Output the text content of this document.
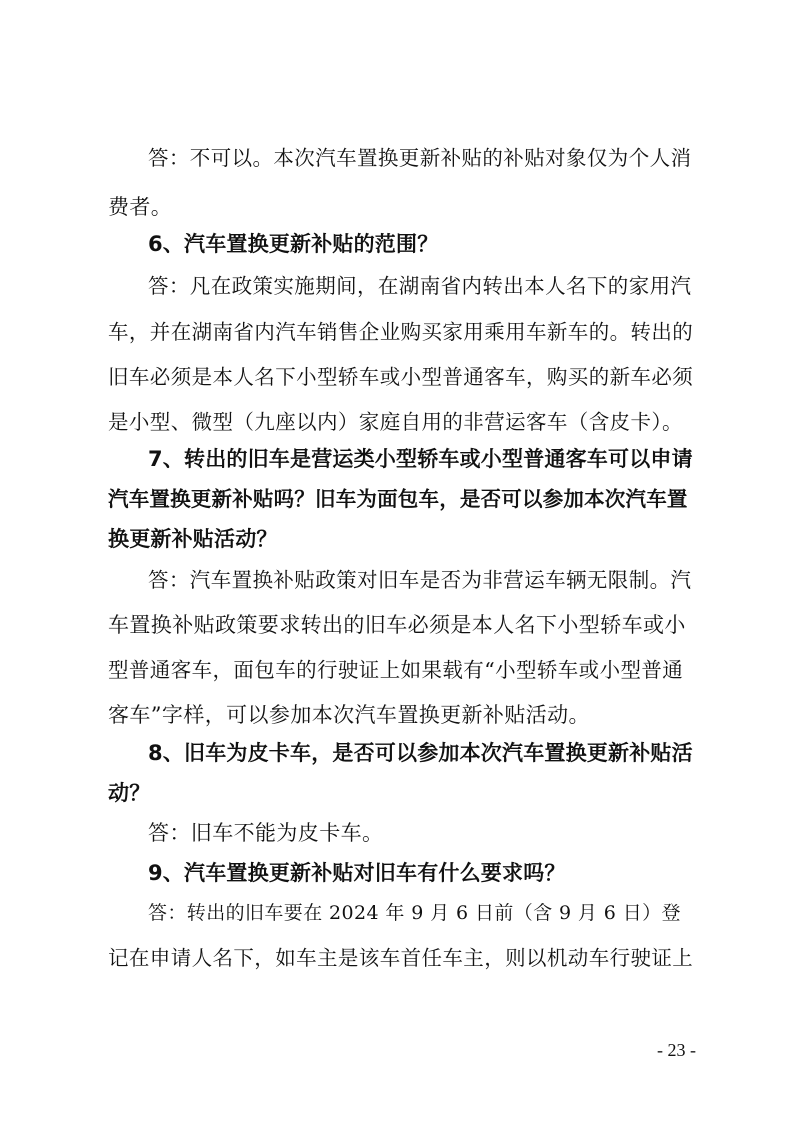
答：不可以。本次汽车置换更新补贴的补贴对象仅为个人消
费者。
6、汽车置换更新补贴的范围？
答：凡在政策实施期间，在湖南省内转出本人名下的家用汽
车，并在湖南省内汽车销售企业购买家用乘用车新车的。转出的
旧车必须是本人名下小型轿车或小型普通客车，购买的新车必须
是小型、微型（九座以内）家庭自用的非营运客车（含皮卡）。
7、转出的旧车是营运类小型轿车或小型普通客车可以申请
汽车置换更新补贴吗？旧车为面包车，是否可以参加本次汽车置
换更新补贴活动？
答：汽车置换补贴政策对旧车是否为非营运车辆无限制。汽
车置换补贴政策要求转出的旧车必须是本人名下小型轿车或小
型普通客车，面包车的行驶证上如果载有“小型轿车或小型普通
客车”字样，可以参加本次汽车置换更新补贴活动。
8、旧车为皮卡车，是否可以参加本次汽车置换更新补贴活
动？
答：旧车不能为皮卡车。
9、汽车置换更新补贴对旧车有什么要求吗？
答：转出的旧车要在 2024 年 9 月 6 日前（含 9 月 6 日）登
记在申请人名下，如车主是该车首任车主，则以机动车行驶证上
- 23 -
